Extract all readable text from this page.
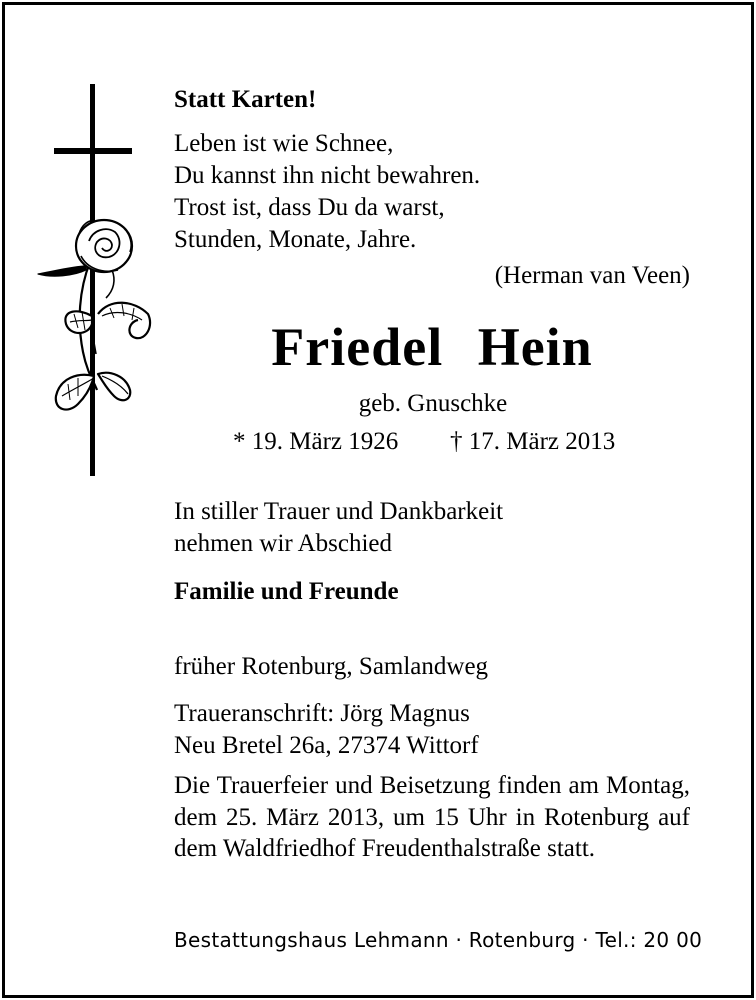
Statt Karten!

Leben ist wie Schnee,

Du kannst ihn nicht bewahren.

Trost ist, dass Du da warst,

Stunden, Monate, Jahre.

(Herman van Veen)

Friedel Hein

geb. Gnuschke

* 19. März 1926 † 17. März 2013

In stiller Trauer und Dankbarkeit

nehmen wir Abschied

Familie und Freunde

früher Rotenburg, Samlandweg

Traueranschrift: Jörg Magnus

Neu Bretel 26a, 27374 Wittorf

Die Trauerfeier und Beisetzung finden am Montag, dem 25. März 2013, um 15 Uhr in Rotenburg auf dem Waldfriedhof Freudenthalstraße statt.

Bestattungshaus Lehmann · Rotenburg · Tel.: 20 00
